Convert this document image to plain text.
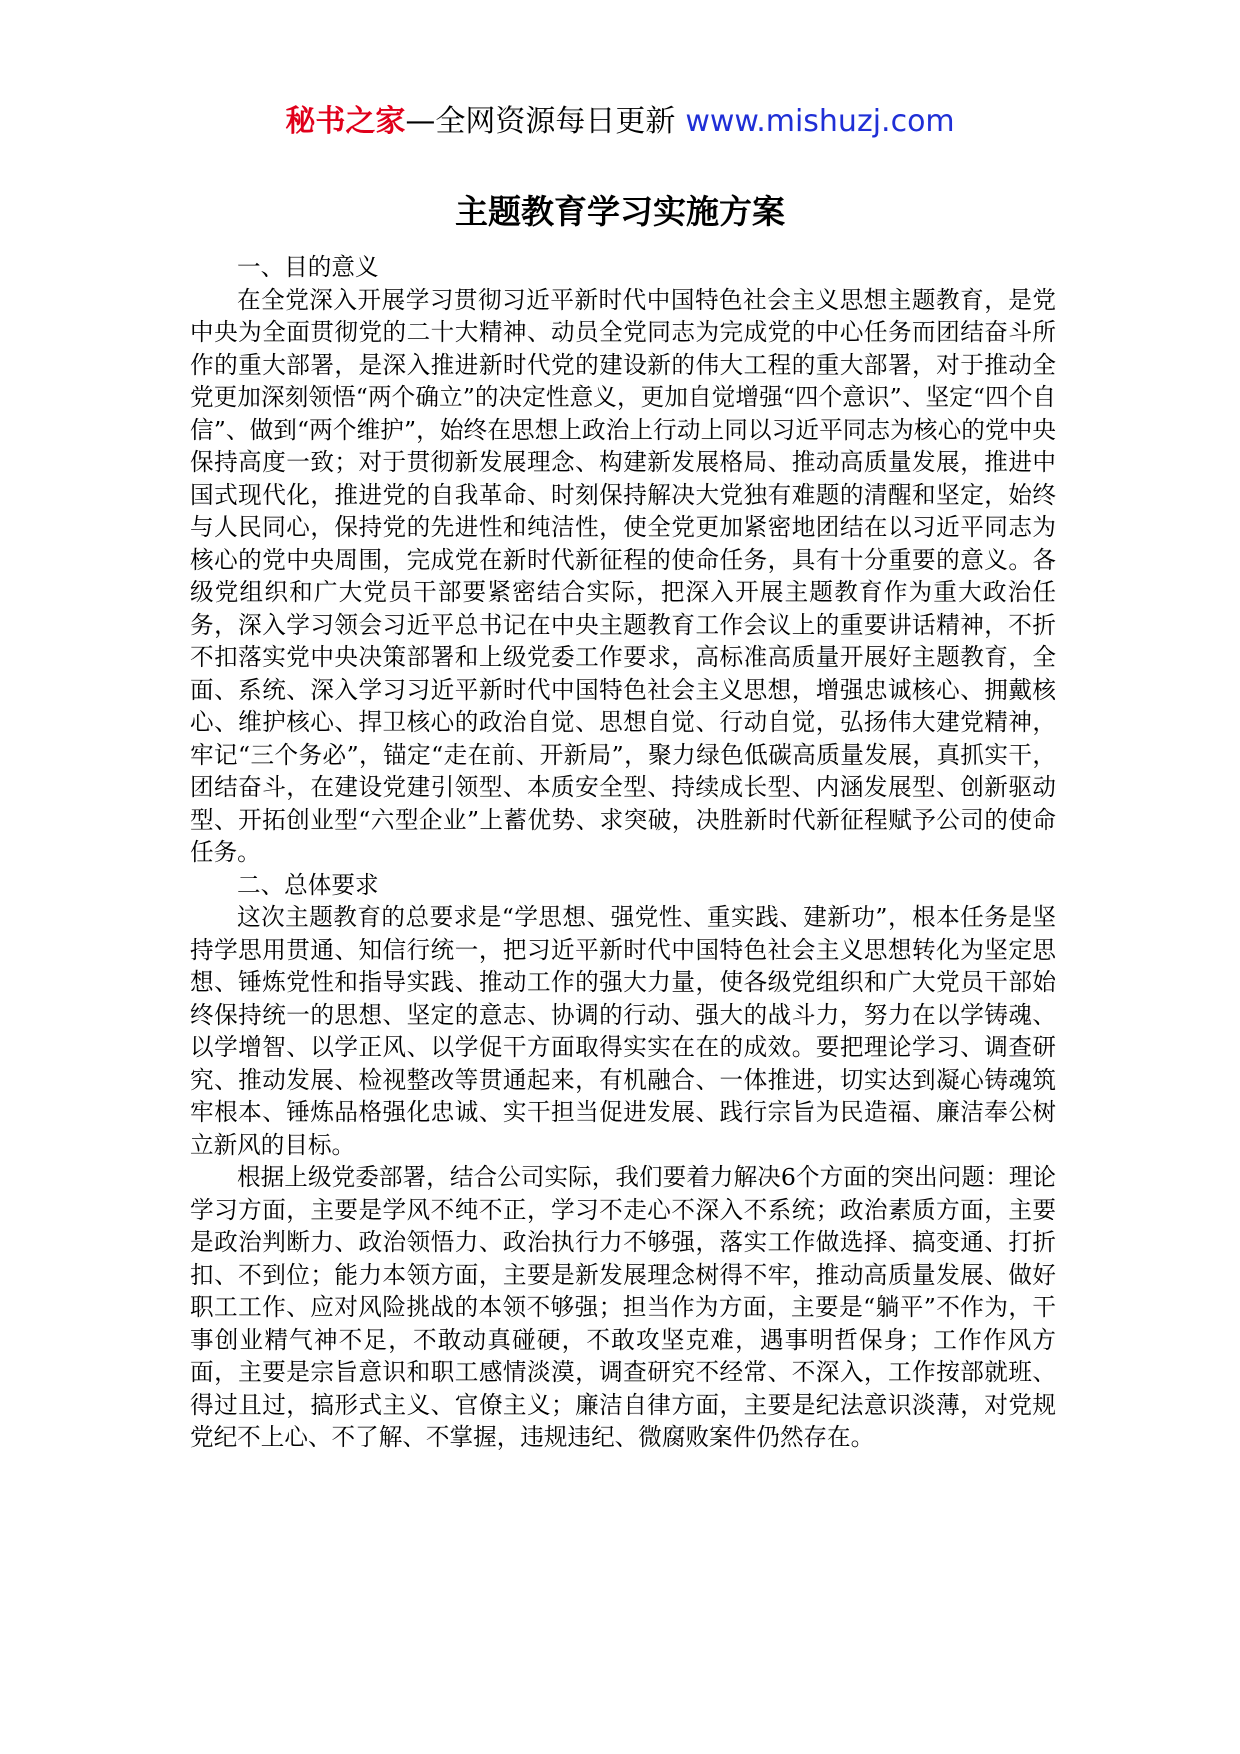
秘书之家—全网资源每日更新 www.mishuzj.com
主题教育学习实施方案
一、目的意义

在全党深入开展学习贯彻习近平新时代中国特色社会主义思想主题教育，是党中央为全面贯彻党的二十大精神、动员全党同志为完成党的中心任务而团结奋斗所作的重大部署，是深入推进新时代党的建设新的伟大工程的重大部署，对于推动全党更加深刻领悟“两个确立”的决定性意义，更加自觉增强“四个意识”、坚定“四个自信”、做到“两个维护”，始终在思想上政治上行动上同以习近平同志为核心的党中央保持高度一致；对于贯彻新发展理念、构建新发展格局、推动高质量发展，推进中国式现代化，推进党的自我革命、时刻保持解决大党独有难题的清醒和坚定，始终与人民同心，保持党的先进性和纯洁性，使全党更加紧密地团结在以习近平同志为核心的党中央周围，完成党在新时代新征程的使命任务，具有十分重要的意义。各级党组织和广大党员干部要紧密结合实际，把深入开展主题教育作为重大政治任务，深入学习领会习近平总书记在中央主题教育工作会议上的重要讲话精神，不折不扣落实党中央决策部署和上级党委工作要求，高标准高质量开展好主题教育，全面、系统、深入学习习近平新时代中国特色社会主义思想，增强忠诚核心、拥戴核心、维护核心、捍卫核心的政治自觉、思想自觉、行动自觉，弘扬伟大建党精神，牢记“三个务必”，锚定“走在前、开新局”，聚力绿色低碳高质量发展，真抓实干，团结奋斗，在建设党建引领型、本质安全型、持续成长型、内涵发展型、创新驱动型、开拓创业型“六型企业”上蓄优势、求突破，决胜新时代新征程赋予公司的使命任务。

二、总体要求

这次主题教育的总要求是“学思想、强党性、重实践、建新功”，根本任务是坚持学思用贯通、知信行统一，把习近平新时代中国特色社会主义思想转化为坚定思想、锤炼党性和指导实践、推动工作的强大力量，使各级党组织和广大党员干部始终保持统一的思想、坚定的意志、协调的行动、强大的战斗力，努力在以学铸魂、以学增智、以学正风、以学促干方面取得实实在在的成效。要把理论学习、调查研究、推动发展、检视整改等贯通起来，有机融合、一体推进，切实达到凝心铸魂筑牢根本、锤炼品格强化忠诚、实干担当促进发展、践行宗旨为民造福、廉洁奉公树立新风的目标。

根据上级党委部署，结合公司实际，我们要着力解决6个方面的突出问题：理论学习方面，主要是学风不纯不正，学习不走心不深入不系统；政治素质方面，主要是政治判断力、政治领悟力、政治执行力不够强，落实工作做选择、搞变通、打折扣、不到位；能力本领方面，主要是新发展理念树得不牢，推动高质量发展、做好职工工作、应对风险挑战的本领不够强；担当作为方面，主要是“躺平”不作为，干事创业精气神不足，不敢动真碰硬，不敢攻坚克难，遇事明哲保身；工作作风方面，主要是宗旨意识和职工感情淡漠，调查研究不经常、不深入，工作按部就班、得过且过，搞形式主义、官僚主义；廉洁自律方面，主要是纪法意识淡薄，对党规党纪不上心、不了解、不掌握，违规违纪、微腐败案件仍然存在。
